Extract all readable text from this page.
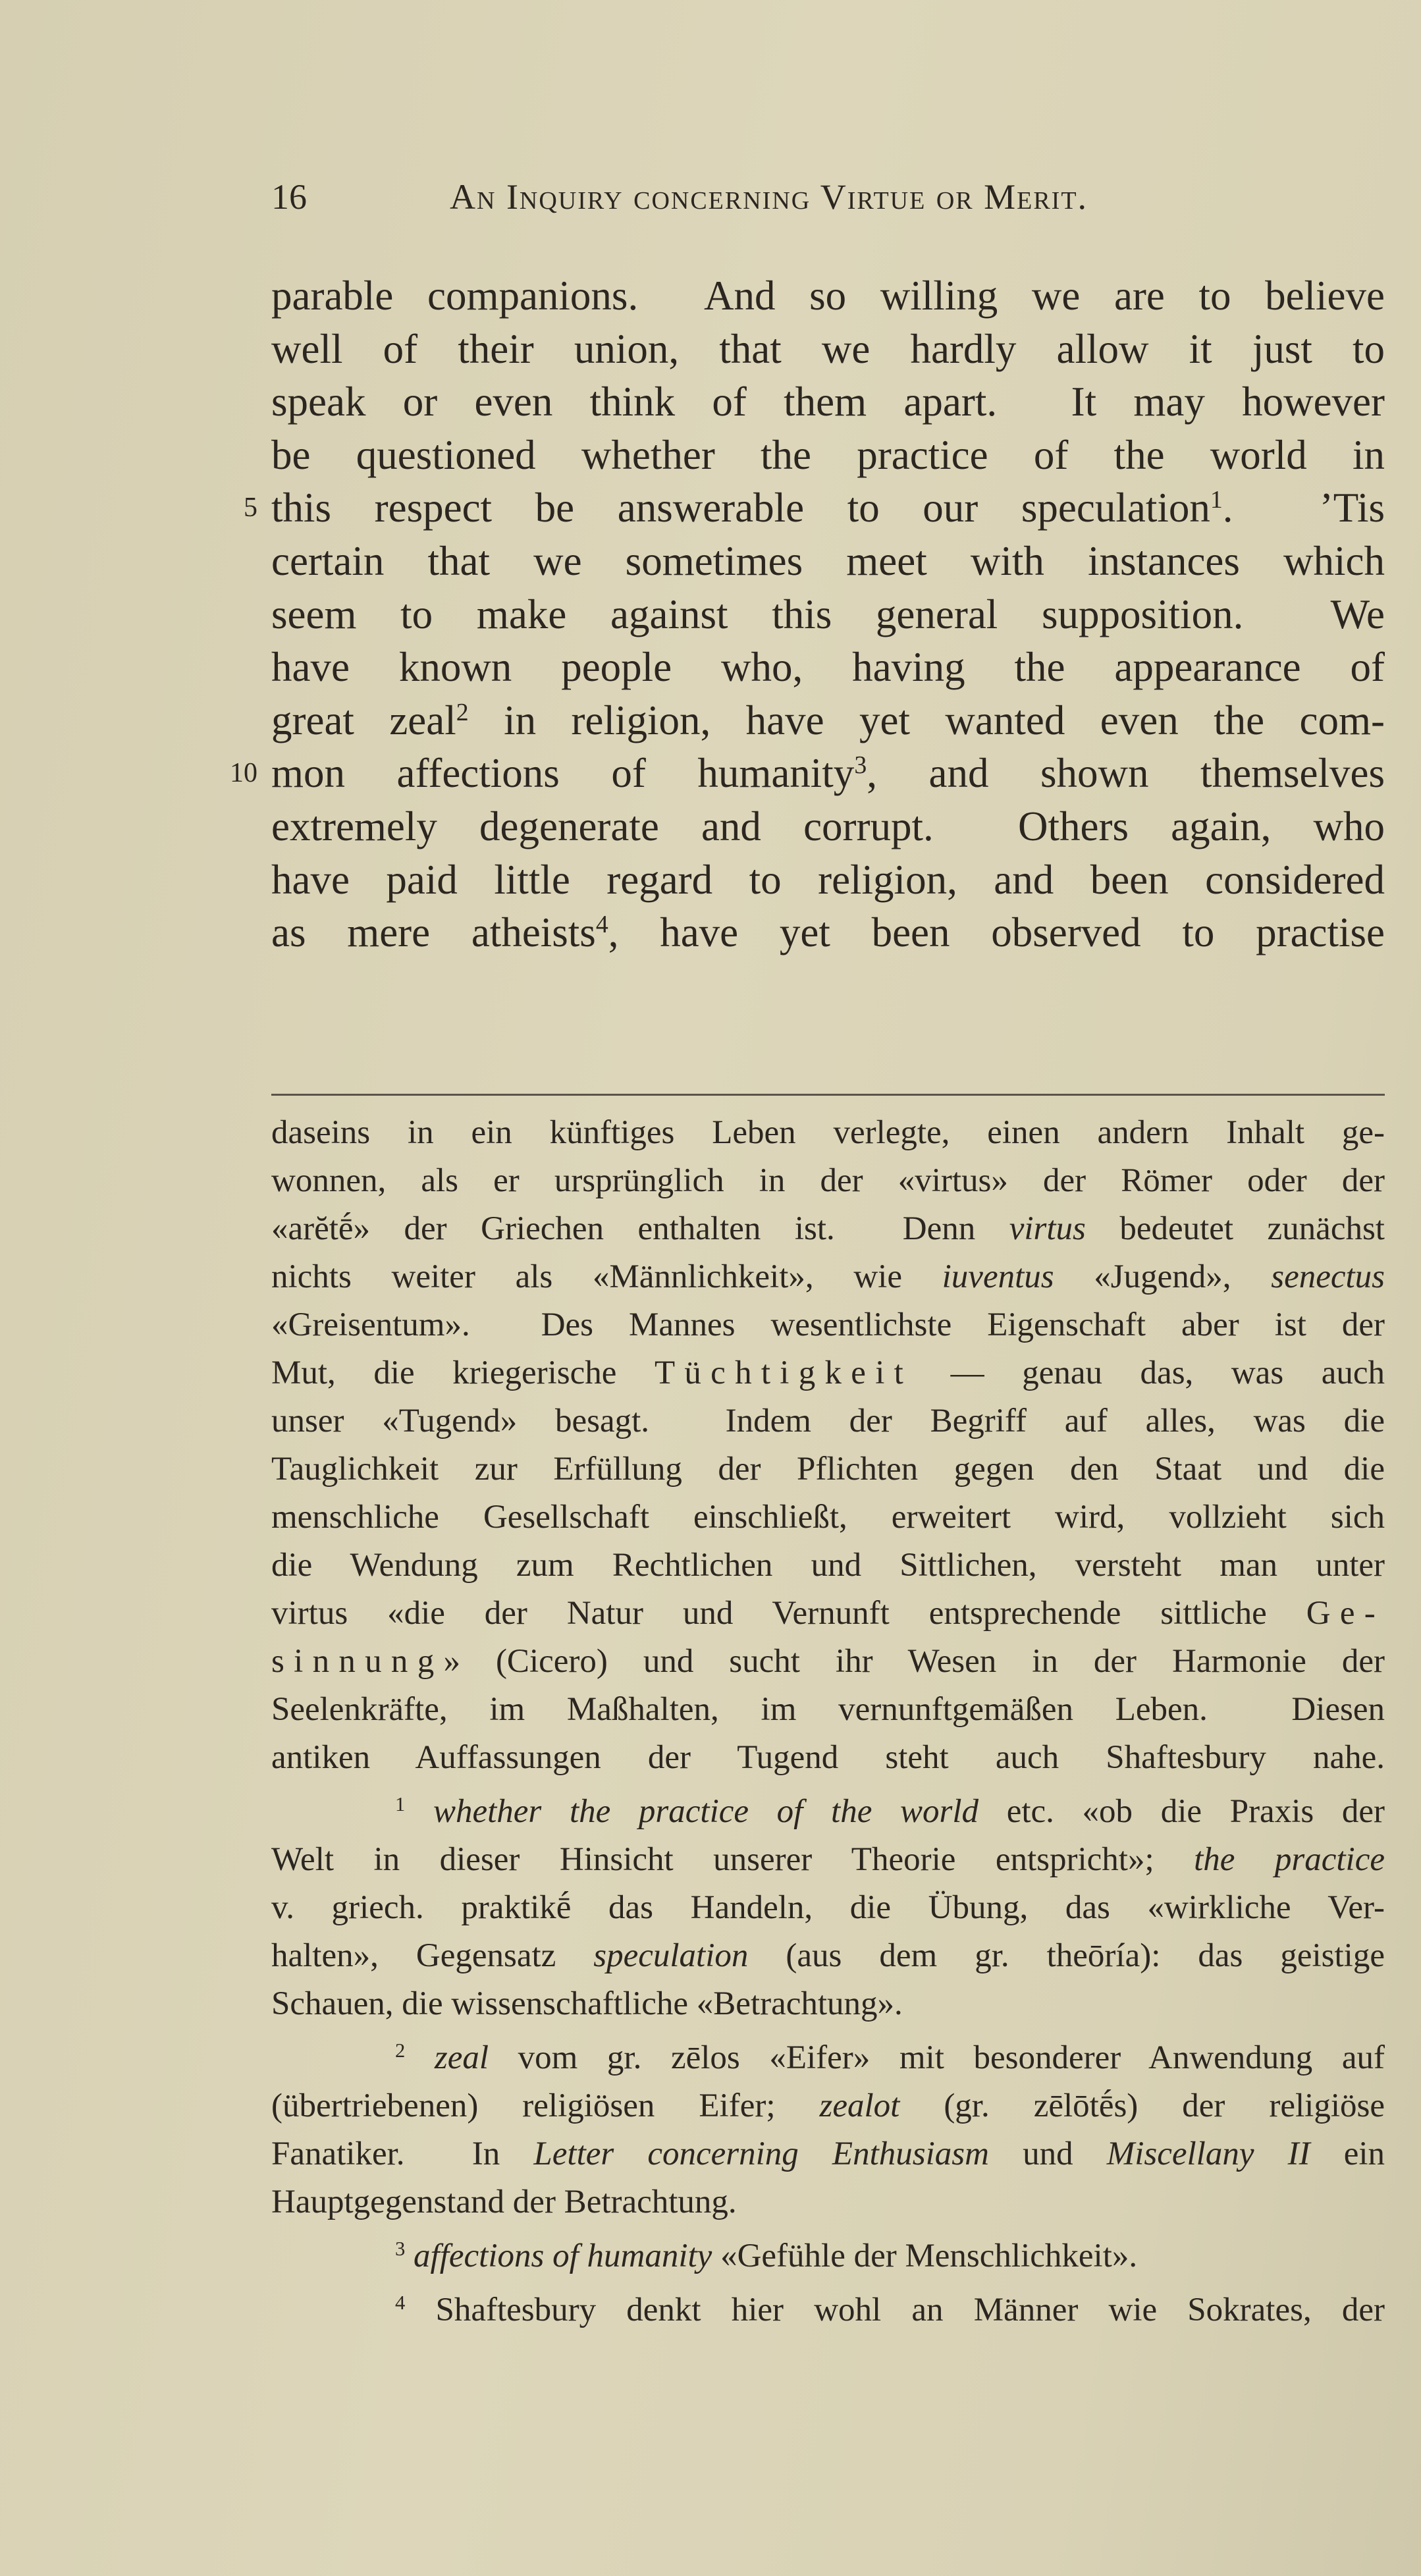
16	An Inquiry concerning Virtue or Merit.
parable companions.  And so willing we are to believe
well of their union, that we hardly allow it just to
speak or even think of them apart.  It may however
be questioned whether the practice of the world in
5 this respect be answerable to our speculation$^1$.  ’Tis
certain that we sometimes meet with instances which
seem to make against this general supposition.  We
have known people who, having the appearance of
great zeal$^2$ in religion, have yet wanted even the com-
10 mon affections of humanity$^3$, and shown themselves
extremely degenerate and corrupt.  Others again, who
have paid little regard to religion, and been considered
as mere atheists$^4$, have yet been observed to practise
daseins in ein künftiges Leben verlegte, einen andern Inhalt ge-
wonnen, als er ursprünglich in der «virtus» der Römer oder der
«arĕtḗ» der Griechen enthalten ist.  Denn virtus bedeutet zunächst
nichts weiter als «Männlichkeit», wie iuventus «Jugend», senectus
«Greisentum».  Des Mannes wesentlichste Eigenschaft aber ist der
Mut, die kriegerische Tüchtigkeit — genau das, was auch
unser «Tugend» besagt.  Indem der Begriff auf alles, was die
Tauglichkeit zur Erfüllung der Pflichten gegen den Staat und die
menschliche Gesellschaft einschließt, erweitert wird, vollzieht sich
die Wendung zum Rechtlichen und Sittlichen, versteht man unter
virtus «die der Natur und Vernunft entsprechende sittliche Ge-
sinnung» (Cicero) und sucht ihr Wesen in der Harmonie der
Seelenkräfte, im Maßhalten, im vernunftgemäßen Leben.  Diesen
antiken Auffassungen der Tugend steht auch Shaftesbury nahe.
$^1$ whether the practice of the world etc. «ob die Praxis der
Welt in dieser Hinsicht unserer Theorie entspricht»; the practice
v. griech. praktikḗ das Handeln, die Übung, das «wirkliche Ver-
halten», Gegensatz speculation (aus dem gr. theōría): das geistige
Schauen, die wissenschaftliche «Betrachtung».
$^2$ zeal vom gr. zēlos «Eifer» mit besonderer Anwendung auf
(übertriebenen) religiösen Eifer; zealot (gr. zēlōtḗs) der religiöse
Fanatiker.  In Letter concerning Enthusiasm und Miscellany II ein
Hauptgegenstand der Betrachtung.
$^3$ affections of humanity «Gefühle der Menschlichkeit».
$^4$ Shaftesbury denkt hier wohl an Männer wie Sokrates, der
